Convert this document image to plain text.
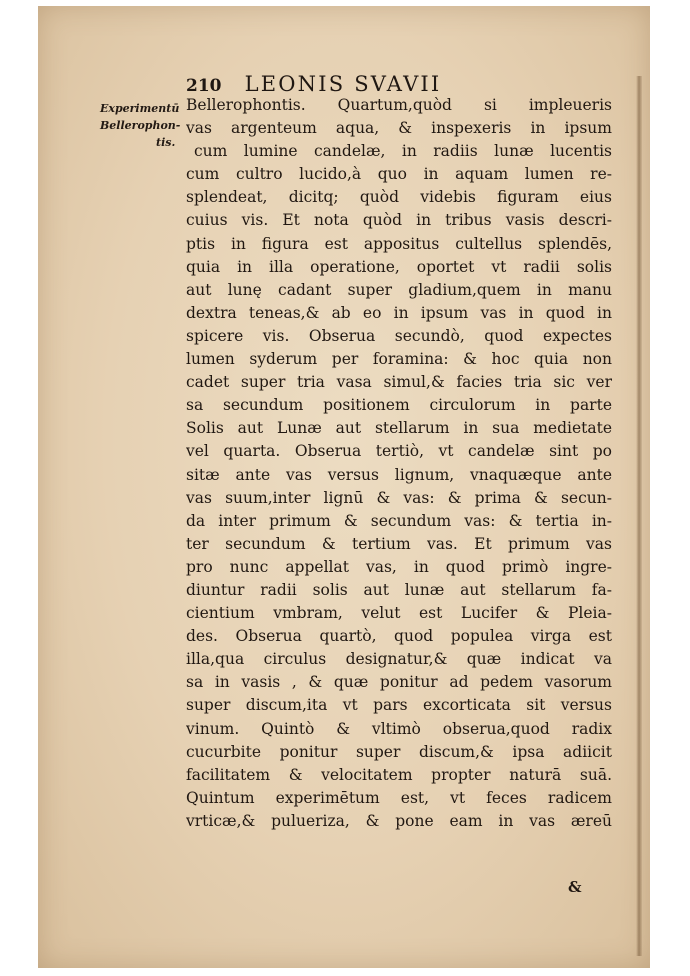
210 LEONIS SVAVII
Experimentū
Bellerophon-
tis.
Bellerophontis. Quartum,quòd si impleueris
vas argenteum aqua, & inspexeris in ipsum
cum lumine candelæ, in radiis lunæ lucentis
cum cultro lucido,à quo in aquam lumen re-
splendeat, dicitq; quòd videbis figuram eius
cuius vis. Et nota quòd in tribus vasis descri-
ptis in figura est appositus cultellus splendēs,
quia in illa operatione, oportet vt radii solis
aut lunę cadant super gladium,quem in manu
dextra teneas,& ab eo in ipsum vas in quod in
spicere vis. Obserua secundò, quod expectes
lumen syderum per foramina: & hoc quia non
cadet super tria vasa simul,& facies tria sic ver
sa secundum positionem circulorum in parte
Solis aut Lunæ aut stellarum in sua medietate
vel quarta. Obserua tertiò, vt candelæ sint po
sitæ ante vas versus lignum, vnaquæque ante
vas suum,inter lignū & vas: & prima & secun-
da inter primum & secundum vas: & tertia in-
ter secundum & tertium vas. Et primum vas
pro nunc appellat vas, in quod primò ingre-
diuntur radii solis aut lunæ aut stellarum fa-
cientium vmbram, velut est Lucifer & Pleia-
des. Obserua quartò, quod populea virga est
illa,qua circulus designatur,& quæ indicat va
sa in vasis , & quæ ponitur ad pedem vasorum
super discum,ita vt pars excorticata sit versus
vinum. Quintò & vltimò obserua,quod radix
cucurbite ponitur super discum,& ipsa adiicit
facilitatem & velocitatem propter naturā suā.
Quintum experimētum est, vt feces radicem
vrticæ,& pulueriza, & pone eam in vas æreū
&
